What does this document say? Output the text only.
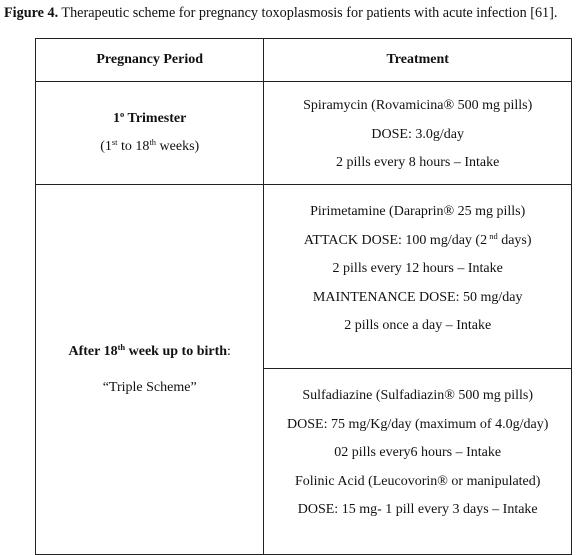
Figure 4. Therapeutic scheme for pregnancy toxoplasmosis for patients with acute infection [61].
Pregnancy Period	Treatment

1$^o$ Trimester
(1st to 18th weeks)	Spiramycin (Rovamicina® 500 mg pills)
DOSE: 3.0g/day
2 pills every 8 hours – Intake

After 18th week up to birth:
“Triple Scheme”	Pirimetamine (Daraprin® 25 mg pills)
ATTACK DOSE: 100 mg/day (2 $^{nd}$ days)
2 pills every 12 hours – Intake
MAINTENANCE DOSE: 50 mg/day
2 pills once a day – Intake

	Sulfadiazine (Sulfadiazin® 500 mg pills)
DOSE: 75 mg/Kg/day (maximum of 4.0g/day)
02 pills every6 hours – Intake
Folinic Acid (Leucovorin® or manipulated)
DOSE: 15 mg- 1 pill every 3 days – Intake
